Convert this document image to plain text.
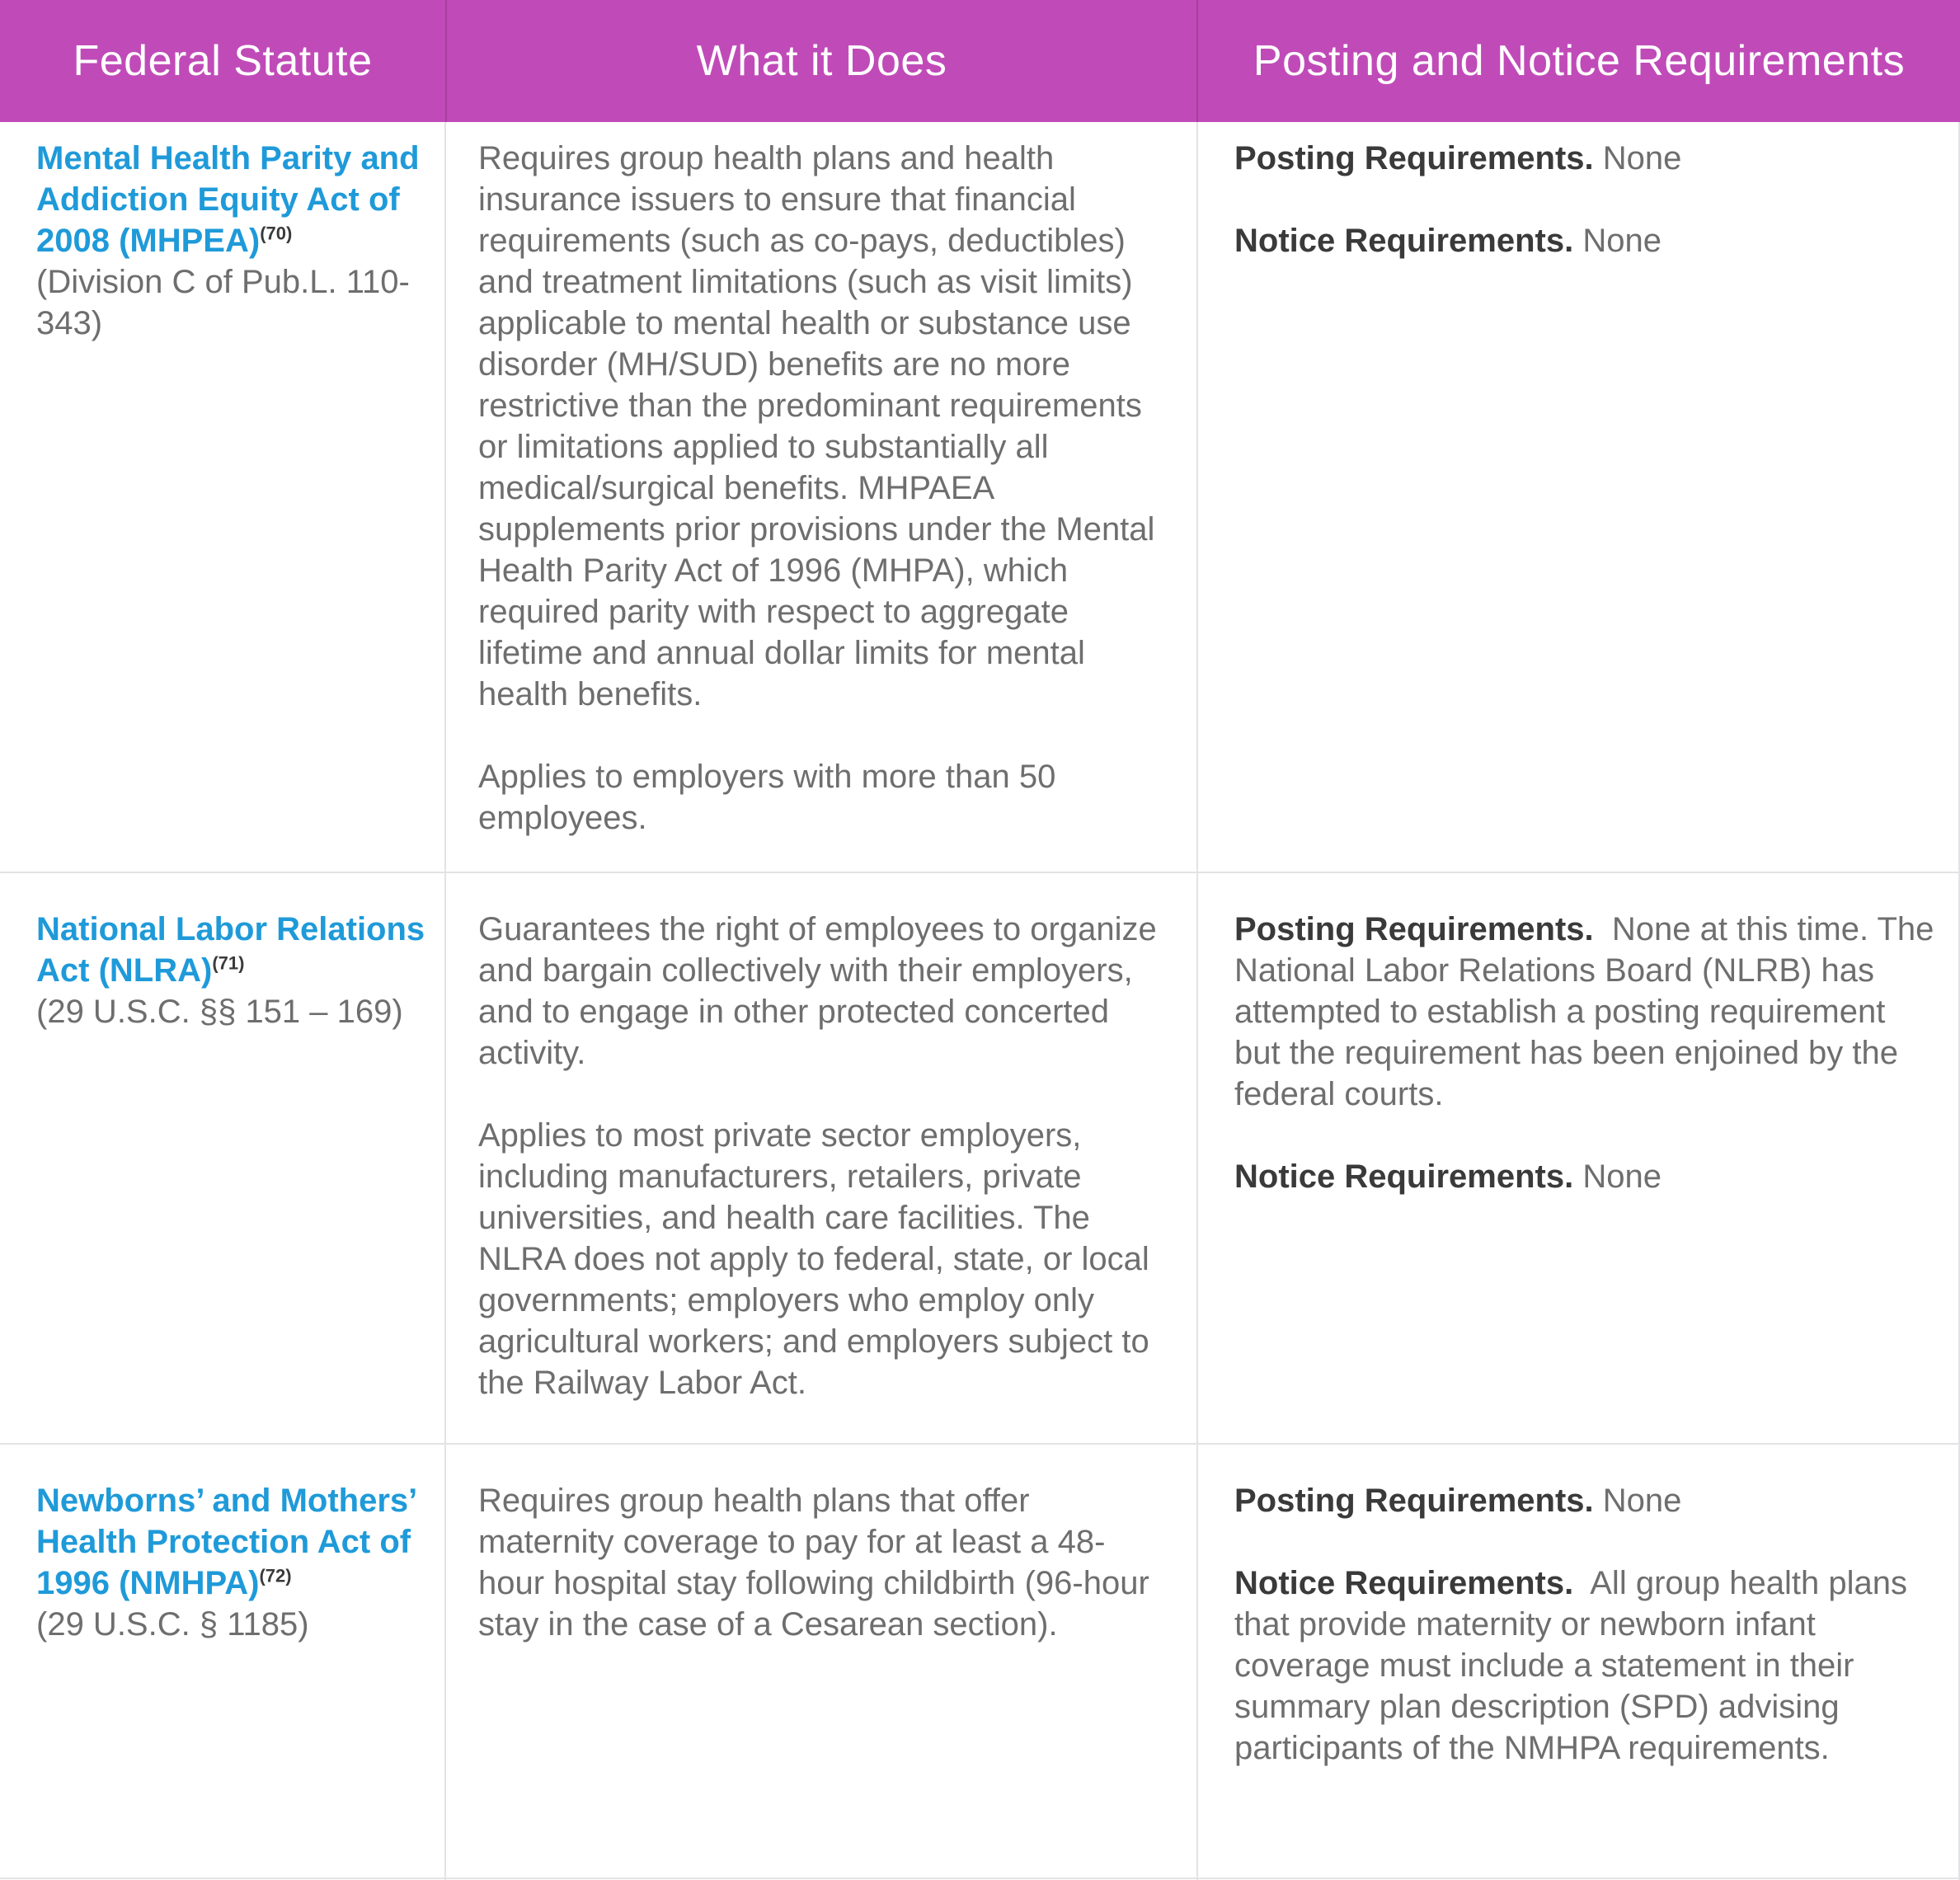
Federal Statute	What it Does	Posting and Notice Requirements
Mental Health Parity and Addiction Equity Act of 2008 (MHPEA)$^{(70)}$
(Division C of Pub.L. 110-343)

Requires group health plans and health insurance issuers to ensure that financial requirements (such as co-pays, deductibles) and treatment limitations (such as visit limits) applicable to mental health or substance use disorder (MH/SUD) benefits are no more restrictive than the predominant requirements or limitations applied to substantially all medical/surgical benefits. MHPAEA supplements prior provisions under the Mental Health Parity Act of 1996 (MHPA), which required parity with respect to aggregate lifetime and annual dollar limits for mental health benefits.

Applies to employers with more than 50 employees.

Posting Requirements. None

Notice Requirements. None

National Labor Relations Act (NLRA)$^{(71)}$
(29 U.S.C. §§ 151 – 169)

Guarantees the right of employees to organize and bargain collectively with their employers, and to engage in other protected concerted activity.

Applies to most private sector employers, including manufacturers, retailers, private universities, and health care facilities. The NLRA does not apply to federal, state, or local governments; employers who employ only agricultural workers; and employers subject to the Railway Labor Act.

Posting Requirements. None at this time. The National Labor Relations Board (NLRB) has attempted to establish a posting requirement but the requirement has been enjoined by the federal courts.

Notice Requirements. None

Newborns’ and Mothers’ Health Protection Act of 1996 (NMHPA)$^{(72)}$
(29 U.S.C. § 1185)

Requires group health plans that offer maternity coverage to pay for at least a 48-hour hospital stay following childbirth (96-hour stay in the case of a Cesarean section).

Posting Requirements. None

Notice Requirements. All group health plans that provide maternity or newborn infant coverage must include a statement in their summary plan description (SPD) advising participants of the NMHPA requirements.
